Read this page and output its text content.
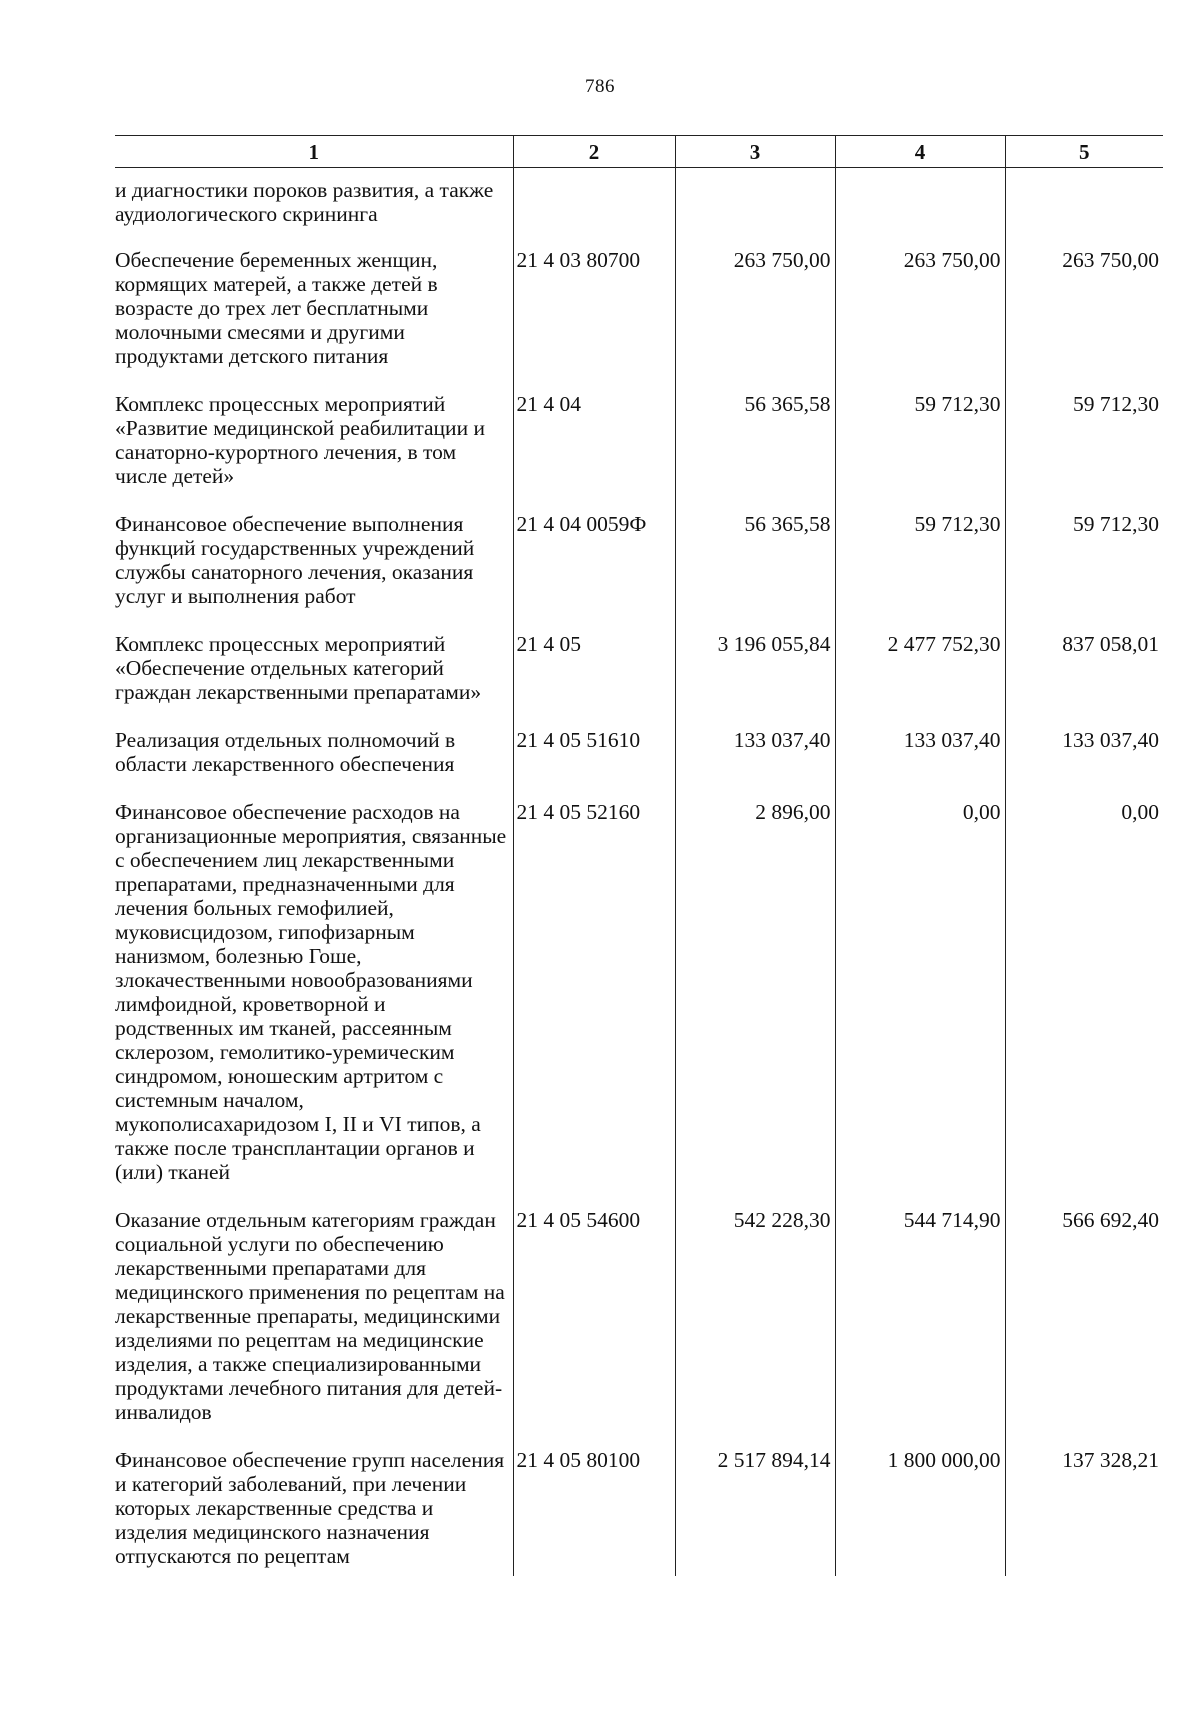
786
1	2	3	4	5
и диагностики пороков развития, а также аудиологического скрининга				
Обеспечение беременных женщин, кормящих матерей, а также детей в возрасте до трех лет бесплатными молочными смесями и другими продуктами детского питания	21 4 03 80700	263 750,00	263 750,00	263 750,00
Комплекс процессных мероприятий «Развитие медицинской реабилитации и санаторно-курортного лечения, в том числе детей»	21 4 04	56 365,58	59 712,30	59 712,30
Финансовое обеспечение выполнения функций государственных учреждений службы санаторного лечения, оказания услуг и выполнения работ	21 4 04 0059Ф	56 365,58	59 712,30	59 712,30
Комплекс процессных мероприятий «Обеспечение отдельных категорий граждан лекарственными препаратами»	21 4 05	3 196 055,84	2 477 752,30	837 058,01
Реализация отдельных полномочий в области лекарственного обеспечения	21 4 05 51610	133 037,40	133 037,40	133 037,40
Финансовое обеспечение расходов на организационные мероприятия, связанные с обеспечением лиц лекарственными препаратами, предназначенными для лечения больных гемофилией, муковисцидозом, гипофизарным нанизмом, болезнью Гоше, злокачественными новообразованиями лимфоидной, кроветворной и родственных им тканей, рассеянным склерозом, гемолитико-уремическим синдромом, юношеским артритом с системным началом, мукополисахаридозом I, II и VI типов, а также после трансплантации органов и (или) тканей	21 4 05 52160	2 896,00	0,00	0,00
Оказание отдельным категориям граждан социальной услуги по обеспечению лекарственными препаратами для медицинского применения по рецептам на лекарственные препараты, медицинскими изделиями по рецептам на медицинские изделия, а также специализированными продуктами лечебного питания для детей-инвалидов	21 4 05 54600	542 228,30	544 714,90	566 692,40
Финансовое обеспечение групп населения и категорий заболеваний, при лечении которых лекарственные средства и изделия медицинского назначения отпускаются по рецептам	21 4 05 80100	2 517 894,14	1 800 000,00	137 328,21
